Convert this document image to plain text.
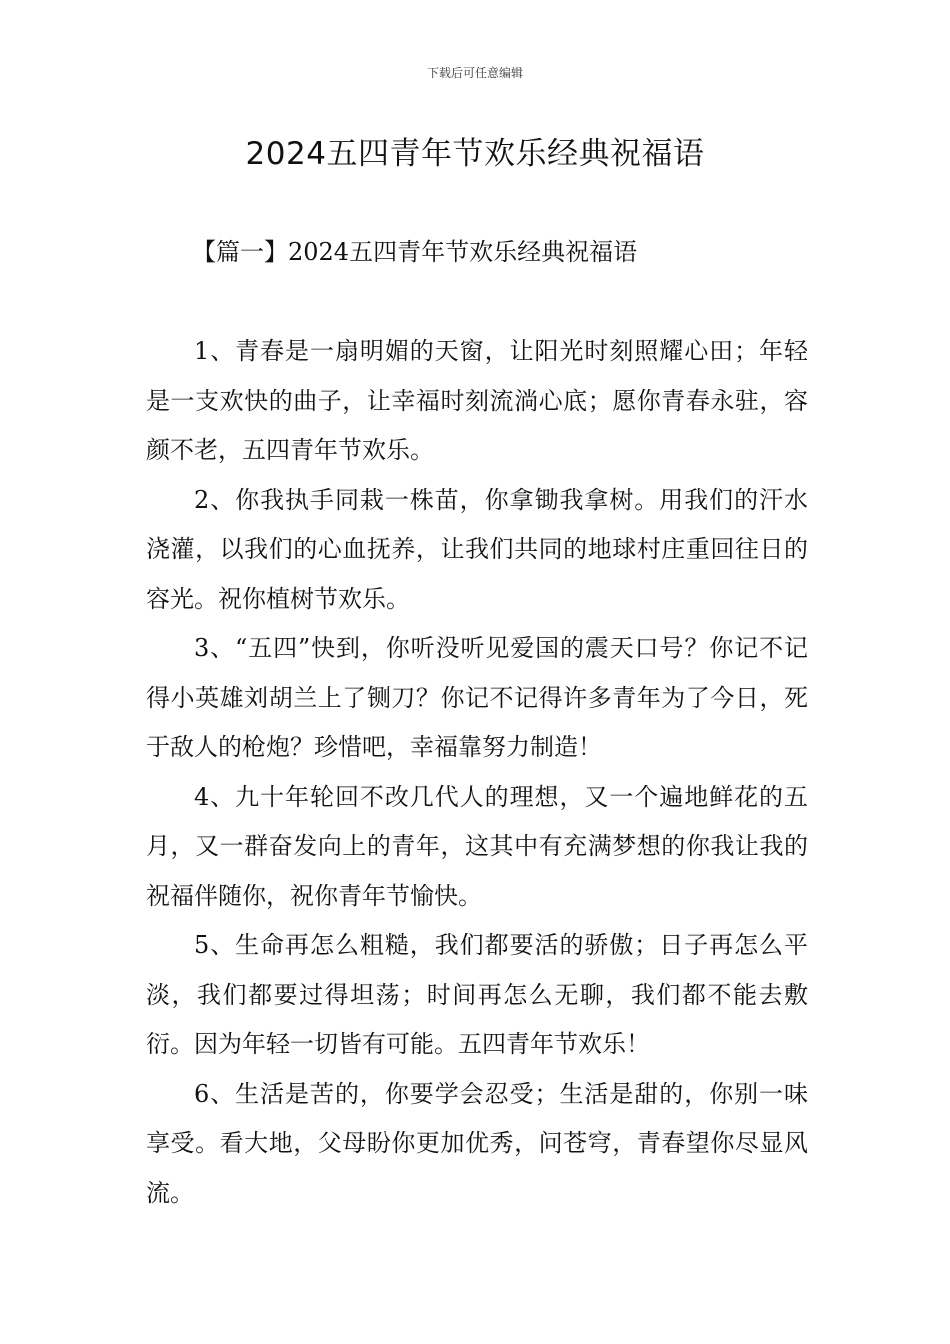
下载后可任意编辑
2024五四青年节欢乐经典祝福语
【篇一】2024五四青年节欢乐经典祝福语

1、青春是一扇明媚的天窗，让阳光时刻照耀心田；年轻是一支欢快的曲子，让幸福时刻流淌心底；愿你青春永驻，容颜不老，五四青年节欢乐。

2、你我执手同栽一株苗，你拿锄我拿树。用我们的汗水浇灌，以我们的心血抚养，让我们共同的地球村庄重回往日的容光。祝你植树节欢乐。

3、“五四”快到，你听没听见爱国的震天口号？你记不记得小英雄刘胡兰上了铡刀？你记不记得许多青年为了今日，死于敌人的枪炮？珍惜吧，幸福靠努力制造！

4、九十年轮回不改几代人的理想，又一个遍地鲜花的五月，又一群奋发向上的青年，这其中有充满梦想的你我让我的祝福伴随你，祝你青年节愉快。

5、生命再怎么粗糙，我们都要活的骄傲；日子再怎么平淡，我们都要过得坦荡；时间再怎么无聊，我们都不能去敷衍。因为年轻一切皆有可能。五四青年节欢乐！

6、生活是苦的，你要学会忍受；生活是甜的，你别一味享受。看大地，父母盼你更加优秀，问苍穹，青春望你尽显风流。
